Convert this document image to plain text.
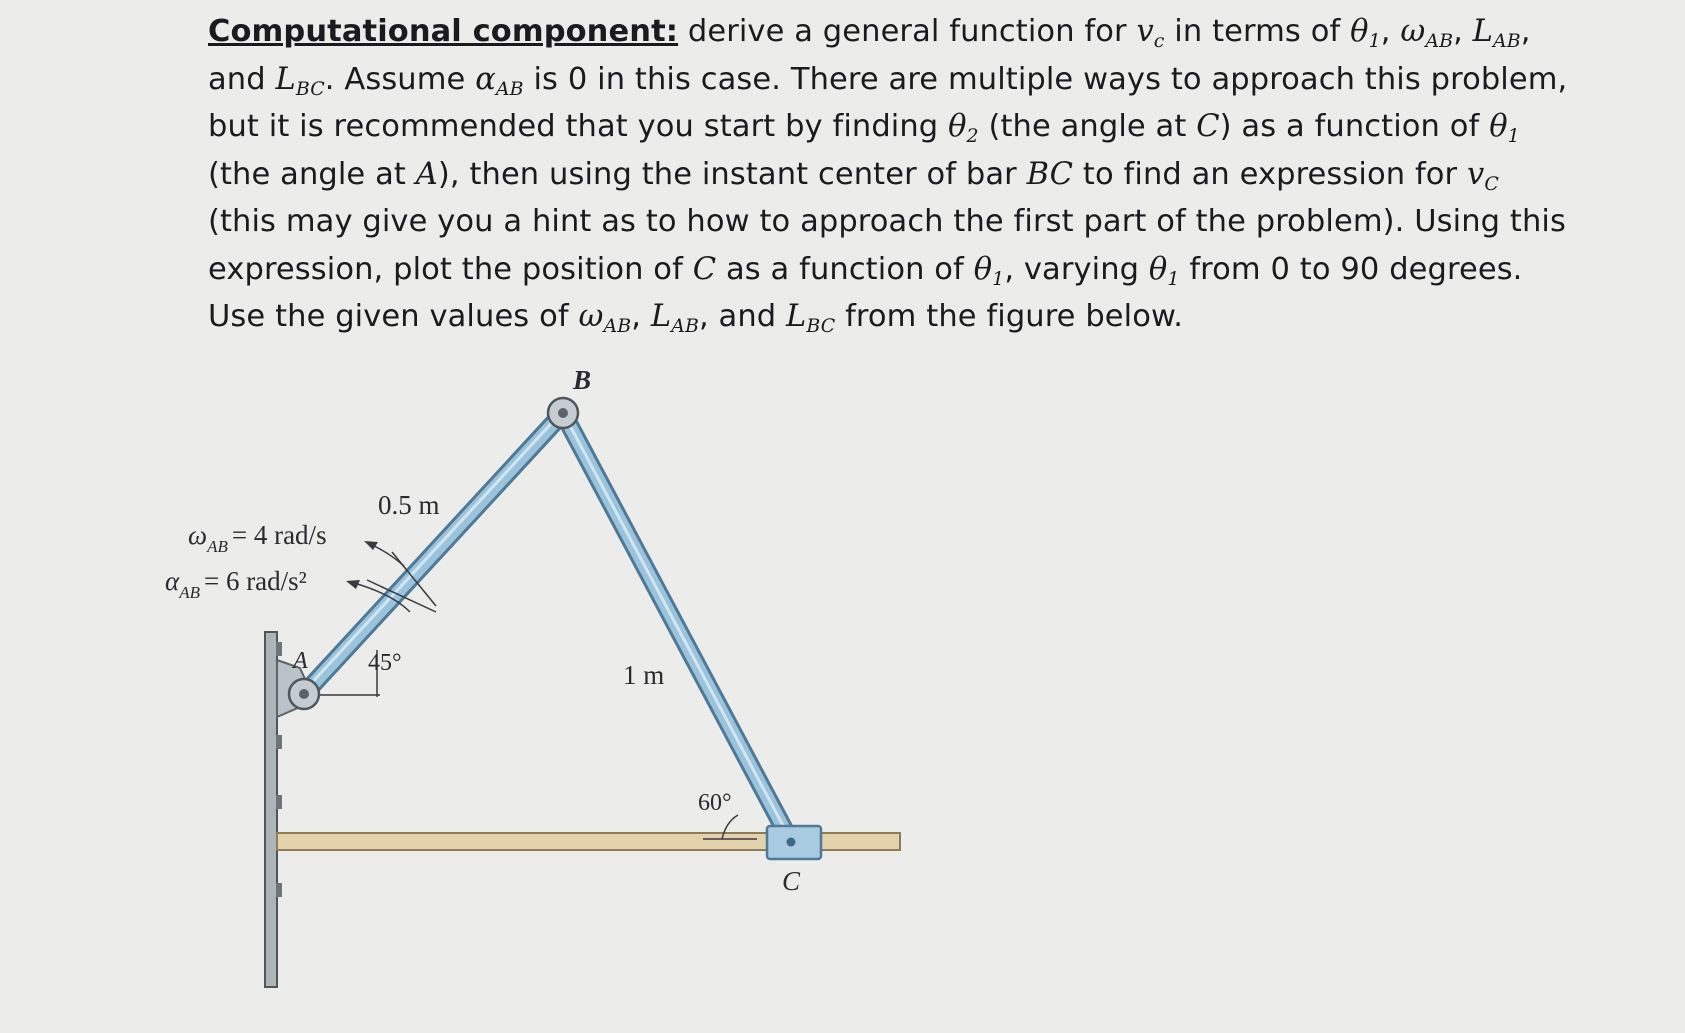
Computational component: derive a general function for $v_c$ in terms of $\theta_1$, $\omega_{AB}$, $L_{AB}$, and $L_{BC}$. Assume $\alpha_{AB}$ is 0 in this case. There are multiple ways to approach this problem, but it is recommended that you start by finding $\theta_2$ (the angle at C) as a function of $\theta_1$ (the angle at A), then using the instant center of bar BC to find an expression for $v_C$ (this may give you a hint as to how to approach the first part of the problem). Using this expression, plot the position of C as a function of $\theta_1$, varying $\theta_1$ from 0 to 90 degrees. Use the given values of $\omega_{AB}$, $L_{AB}$, and $L_{BC}$ from the figure below.
B
A
C
$\omega_{AB} = 4$ rad/s
$\alpha_{AB} = 6$ rad/s²
0.5 m
1 m
45°
60°
